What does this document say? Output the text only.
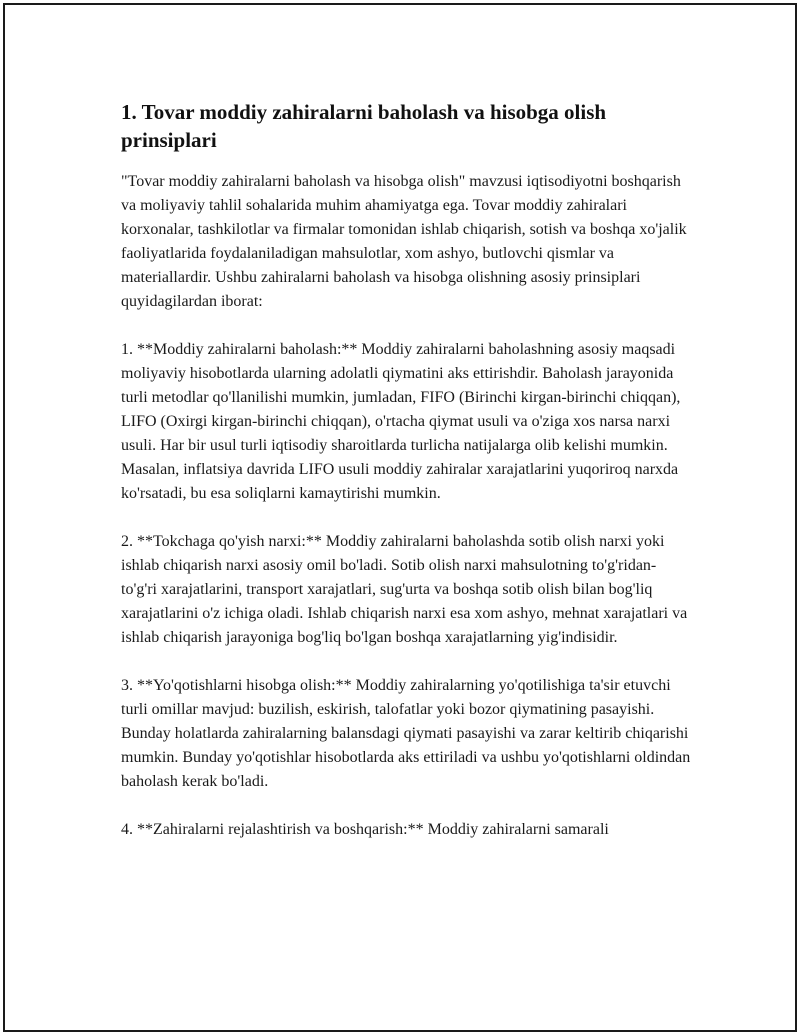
1. Tovar moddiy zahiralarni baholash va hisobga olish prinsiplari

"Tovar moddiy zahiralarni baholash va hisobga olish" mavzusi iqtisodiyotni boshqarish va moliyaviy tahlil sohalarida muhim ahamiyatga ega. Tovar moddiy zahiralari korxonalar, tashkilotlar va firmalar tomonidan ishlab chiqarish, sotish va boshqa xo'jalik faoliyatlarida foydalaniladigan mahsulotlar, xom ashyo, butlovchi qismlar va materiallardir. Ushbu zahiralarni baholash va hisobga olishning asosiy prinsiplari quyidagilardan iborat:

1. **Moddiy zahiralarni baholash:** Moddiy zahiralarni baholashning asosiy maqsadi moliyaviy hisobotlarda ularning adolatli qiymatini aks ettirishdir. Baholash jarayonida turli metodlar qo'llanilishi mumkin, jumladan, FIFO (Birinchi kirgan-birinchi chiqqan), LIFO (Oxirgi kirgan-birinchi chiqqan), o'rtacha qiymat usuli va o'ziga xos narsa narxi usuli. Har bir usul turli iqtisodiy sharoitlarda turlicha natijalarga olib kelishi mumkin. Masalan, inflatsiya davrida LIFO usuli moddiy zahiralar xarajatlarini yuqoriroq narxda ko'rsatadi, bu esa soliqlarni kamaytirishi mumkin.

2. **Tokchaga qo'yish narxi:** Moddiy zahiralarni baholashda sotib olish narxi yoki ishlab chiqarish narxi asosiy omil bo'ladi. Sotib olish narxi mahsulotning to'g'ridan-to'g'ri xarajatlarini, transport xarajatlari, sug'urta va boshqa sotib olish bilan bog'liq xarajatlarini o'z ichiga oladi. Ishlab chiqarish narxi esa xom ashyo, mehnat xarajatlari va ishlab chiqarish jarayoniga bog'liq bo'lgan boshqa xarajatlarning yig'indisidir.

3. **Yo'qotishlarni hisobga olish:** Moddiy zahiralarning yo'qotilishiga ta'sir etuvchi turli omillar mavjud: buzilish, eskirish, talofatlar yoki bozor qiymatining pasayishi. Bunday holatlarda zahiralarning balansdagi qiymati pasayishi va zarar keltirib chiqarishi mumkin. Bunday yo'qotishlar hisobotlarda aks ettiriladi va ushbu yo'qotishlarni oldindan baholash kerak bo'ladi.

4. **Zahiralarni rejalashtirish va boshqarish:** Moddiy zahiralarni samarali
